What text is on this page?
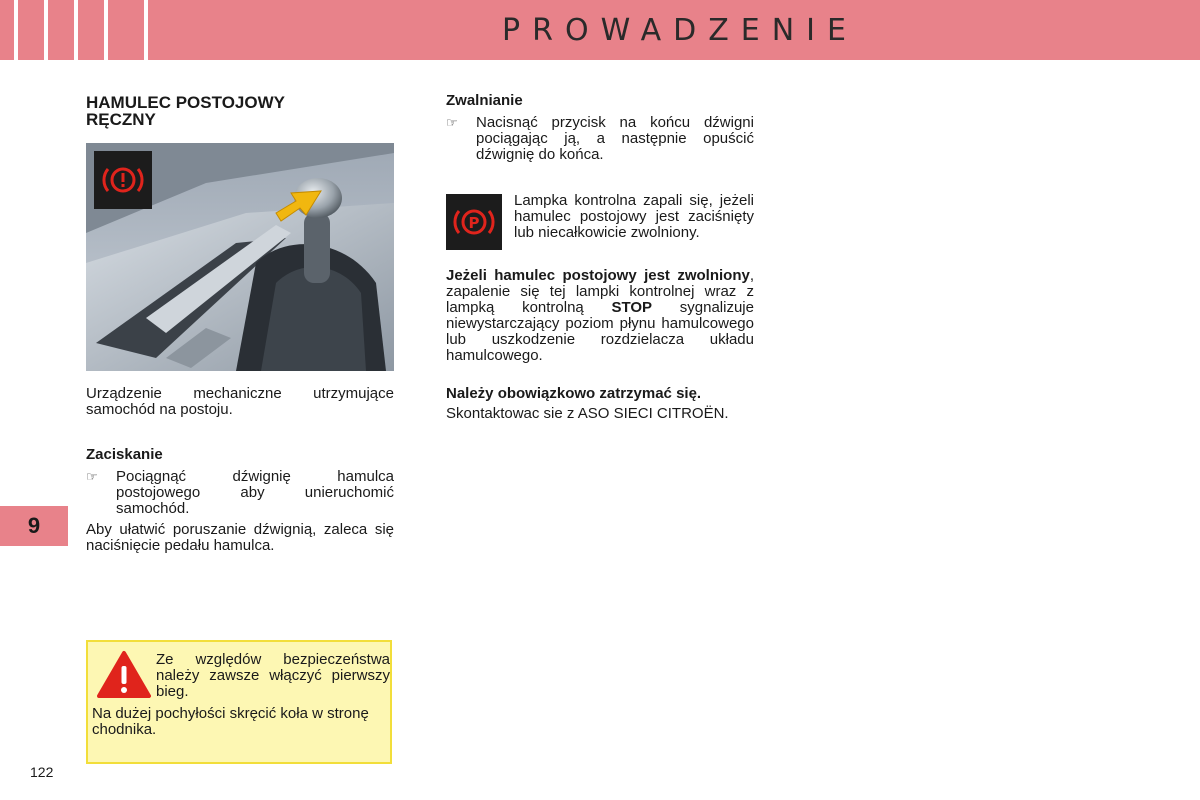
PROWADZENIE
9
122

HAMULEC POSTOJOWY
RĘCZNY

Urządzenie mechaniczne utrzymujące samochód na postoju.

Zaciskanie

☞ Pociągnąć dźwignię hamulca postojowego aby unieruchomić samochód.

Aby ułatwić poruszanie dźwignią, zaleca się naciśnięcie pedału hamulca.

Ze względów bezpieczeństwa należy zawsze włączyć pierwszy bieg.

Na dużej pochyłości skręcić koła w stronę chodnika.

Zwalnianie

☞ Nacisnąć przycisk na końcu dźwigni pociągając ją, a następnie opuścić dźwignię do końca.

P

Lampka kontrolna zapali się, jeżeli hamulec postojowy jest zaciśnięty lub niecałkowicie zwolniony.

Jeżeli hamulec postojowy jest zwolniony, zapalenie się tej lampki kontrolnej wraz z lampką kontrolną STOP sygnalizuje niewystarczający poziom płynu hamulcowego lub uszkodzenie rozdzielacza układu hamulcowego.

Należy obowiązkowo zatrzymać się.

Skontaktowac sie z ASO SIECI CITROËN.
